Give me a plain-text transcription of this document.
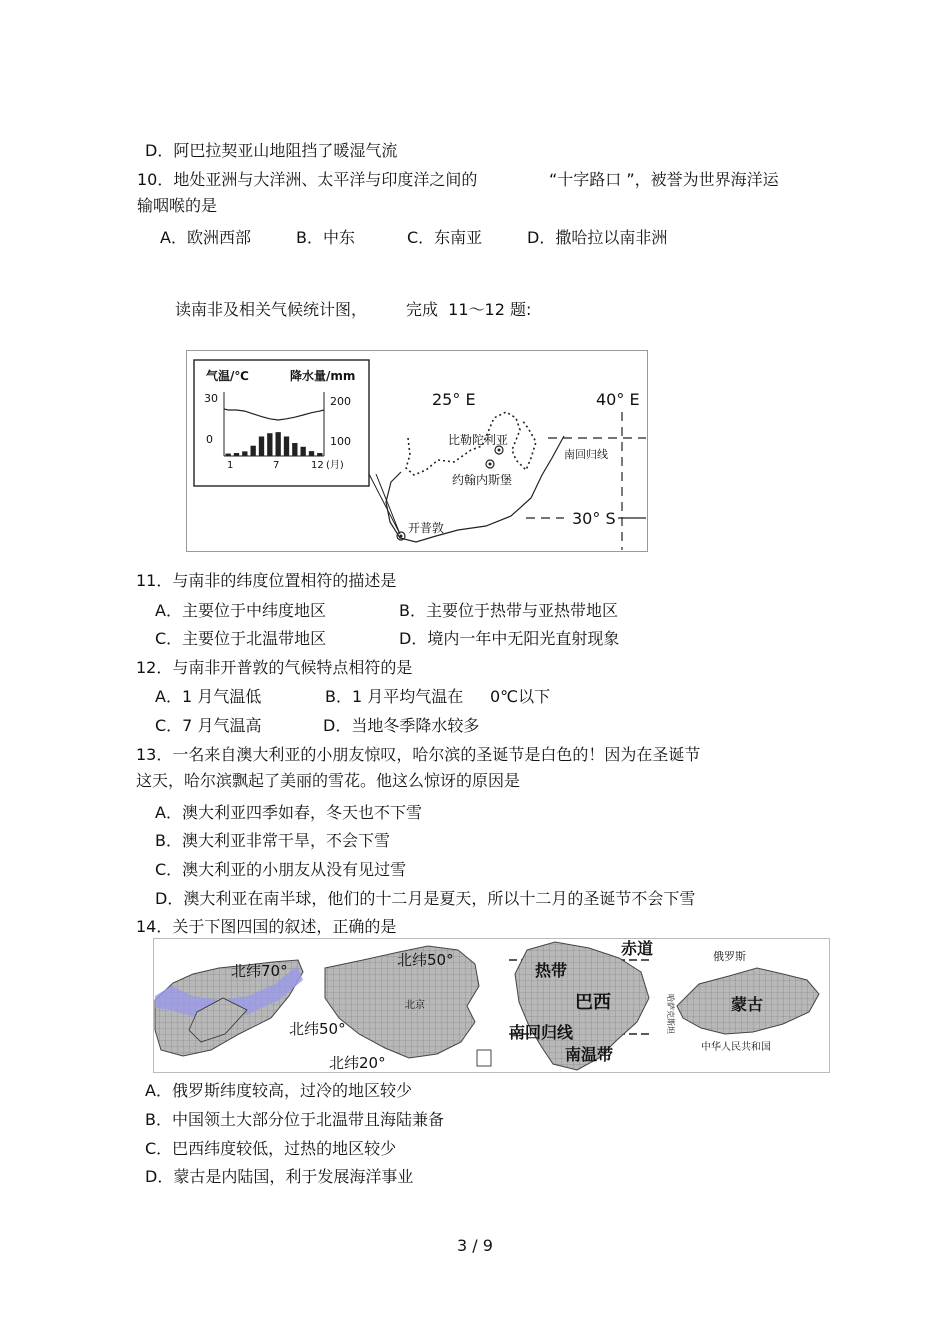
D．阿巴拉契亚山地阻挡了暖湿气流
10．地处亚洲与大洋洲、太平洋与印度洋之间的	“十字路口 ”，被誉为世界海洋运
输咽喉的是
A．欧洲西部	B．中东	C．东南亚	D．撒哈拉以南非洲
读南非及相关气候统计图， 完成  11～12 题:
25° E	40° E
30° S
南回归线
比勒陀利亚
约翰内斯堡
开普敦
气温/℃	降水量/mm
30
0
200
100
1	7	12 (月)
11．与南非的纬度位置相符的描述是
A．主要位于中纬度地区	B．主要位于热带与亚热带地区
C．主要位于北温带地区	D．境内一年中无阳光直射现象
12．与南非开普敦的气候特点相符的是
A．1 月气温低	B．1 月平均气温在 0℃以下
C．7 月气温高	D．当地冬季降水较多
13．一名来自澳大利亚的小朋友惊叹，哈尔滨的圣诞节是白色的！因为在圣诞节
这天，哈尔滨飘起了美丽的雪花。他这么惊讶的原因是
A．澳大利亚四季如春，冬天也不下雪
B．澳大利亚非常干旱，不会下雪
C．澳大利亚的小朋友从没有见过雪
D．澳大利亚在南半球，他们的十二月是夏天，所以十二月的圣诞节不会下雪
14．关于下图四国的叙述，正确的是
北纬70°
北纬50°
北纬50°
北纬20°
北京
赤道
热带
巴西
南回归线
南温带
俄罗斯
蒙古
中华人民共和国
哈萨克斯坦
A．俄罗斯纬度较高，过冷的地区较少
B．中国领土大部分位于北温带且海陆兼备
C．巴西纬度较低，过热的地区较少
D．蒙古是内陆国，利于发展海洋事业
3 / 9
